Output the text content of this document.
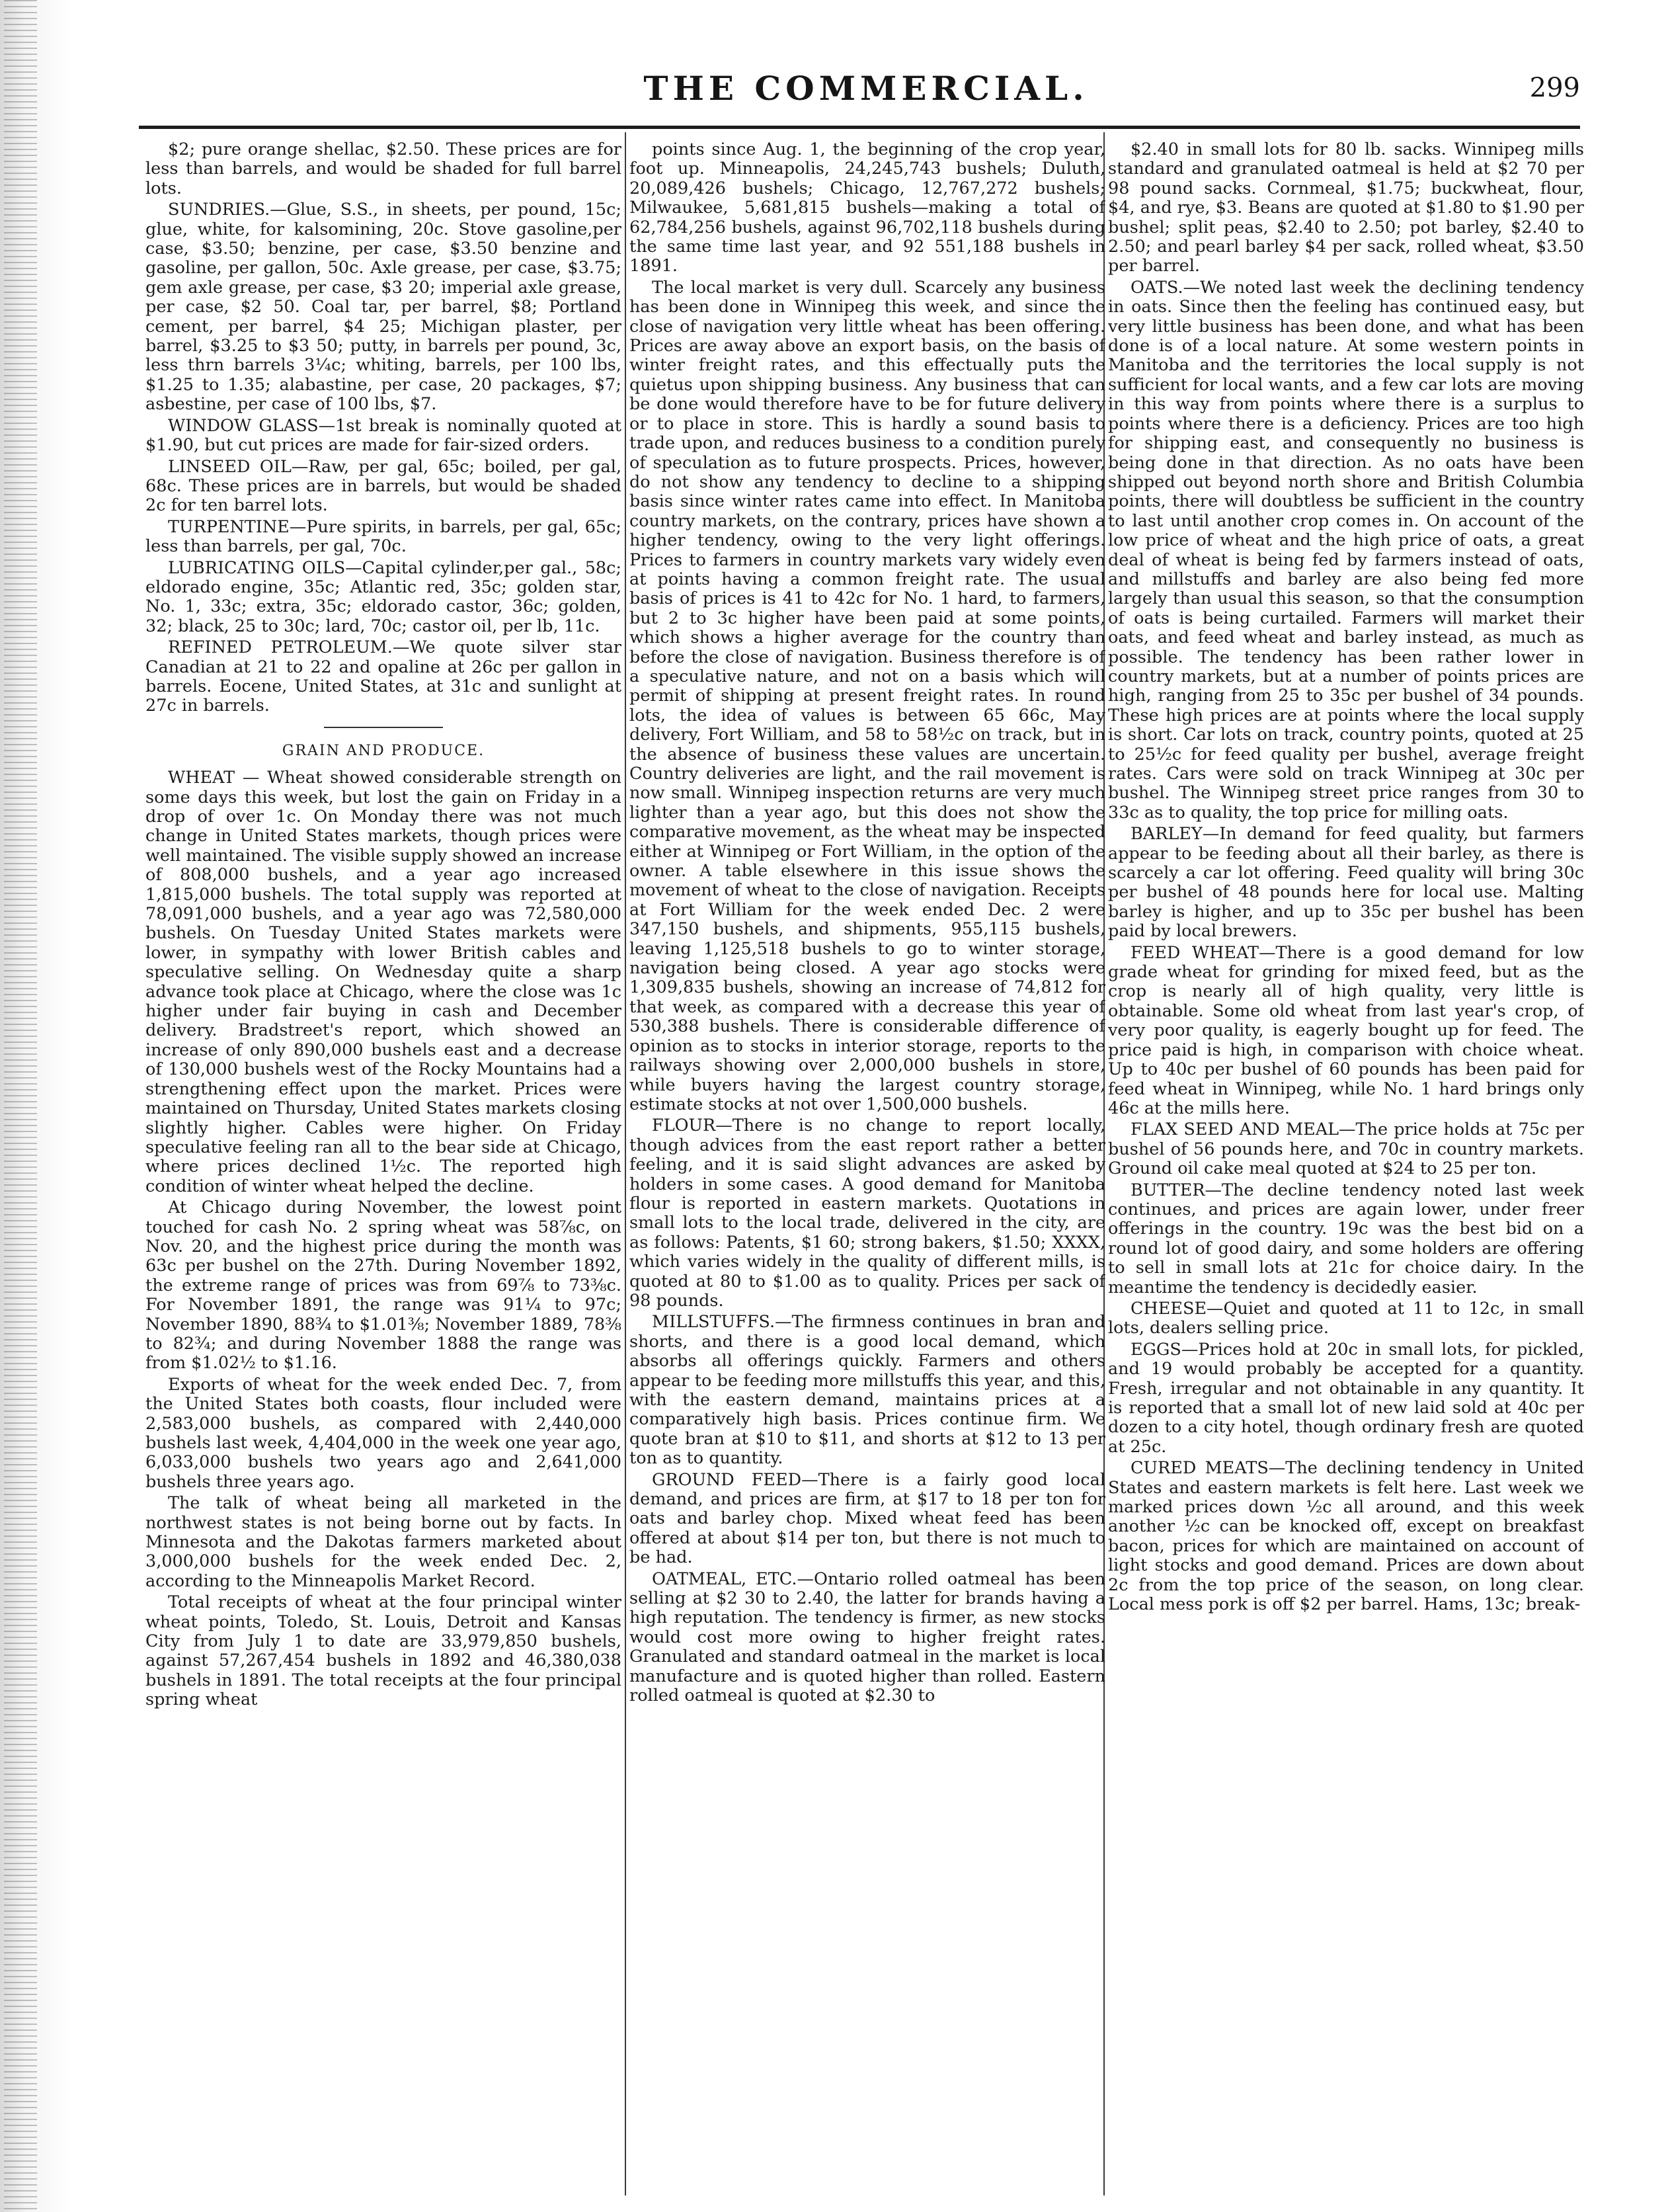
THE COMMERCIAL.	299

$2; pure orange shellac, $2.50. These prices are for less than barrels, and would be shaded for full barrel lots.

SUNDRIES.—Glue, S.S., in sheets, per pound, 15c; glue, white, for kalsomining, 20c. Stove gasoline,per case, $3.50; benzine, per case, $3.50 benzine and gasoline, per gallon, 50c. Axle grease, per case, $3.75; gem axle grease, per case, $3 20; imperial axle grease, per case, $2 50. Coal tar, per barrel, $8; Portland cement, per barrel, $4 25; Michigan plaster, per barrel, $3.25 to $3 50; putty, in barrels per pound, 3c, less thrn barrels 3¼c; whiting, barrels, per 100 lbs, $1.25 to 1.35; alabastine, per case, 20 packages, $7; asbestine, per case of 100 lbs, $7.

WINDOW GLASS—1st break is nominally quoted at $1.90, but cut prices are made for fair-sized orders.

LINSEED OIL—Raw, per gal, 65c; boiled, per gal, 68c. These prices are in barrels, but would be shaded 2c for ten barrel lots.

TURPENTINE—Pure spirits, in barrels, per gal, 65c; less than barrels, per gal, 70c.

LUBRICATING OILS—Capital cylinder,per gal., 58c; eldorado engine, 35c; Atlantic red, 35c; golden star, No. 1, 33c; extra, 35c; eldorado castor, 36c; golden, 32; black, 25 to 30c; lard, 70c; castor oil, per lb, 11c.

REFINED PETROLEUM.—We quote silver star Canadian at 21 to 22 and opaline at 26c per gallon in barrels. Eocene, United States, at 31c and sunlight at 27c in barrels.

GRAIN AND PRODUCE.

WHEAT — Wheat showed considerable strength on some days this week, but lost the gain on Friday in a drop of over 1c. On Monday there was not much change in United States markets, though prices were well maintained. The visible supply showed an increase of 808,000 bushels, and a year ago increased 1,815,000 bushels. The total supply was reported at 78,091,000 bushels, and a year ago was 72,580,000 bushels. On Tuesday United States markets were lower, in sympathy with lower British cables and speculative selling. On Wednesday quite a sharp advance took place at Chicago, where the close was 1c higher under fair buying in cash and December delivery. Bradstreet's report, which showed an increase of only 890,000 bushels east and a decrease of 130,000 bushels west of the Rocky Mountains had a strengthening effect upon the market. Prices were maintained on Thursday, United States markets closing slightly higher. Cables were higher. On Friday speculative feeling ran all to the bear side at Chicago, where prices declined 1½c. The reported high condition of winter wheat helped the decline.

At Chicago during November, the lowest point touched for cash No. 2 spring wheat was 58⅞c, on Nov. 20, and the highest price during the month was 63c per bushel on the 27th. During November 1892, the extreme range of prices was from 69⅞ to 73⅜c. For November 1891, the range was 91¼ to 97c; November 1890, 88¾ to $1.01⅜; November 1889, 78⅜ to 82¾; and during November 1888 the range was from $1.02½ to $1.16.

Exports of wheat for the week ended Dec. 7, from the United States both coasts, flour included were 2,583,000 bushels, as compared with 2,440,000 bushels last week, 4,404,000 in the week one year ago, 6,033,000 bushels two years ago and 2,641,000 bushels three years ago.

The talk of wheat being all marketed in the northwest states is not being borne out by facts. In Minnesota and the Dakotas farmers marketed about 3,000,000 bushels for the week ended Dec. 2, according to the Minneapolis Market Record.

Total receipts of wheat at the four principal winter wheat points, Toledo, St. Louis, Detroit and Kansas City from July 1 to date are 33,979,850 bushels, against 57,267,454 bushels in 1892 and 46,380,038 bushels in 1891. The total receipts at the four principal spring wheat

points since Aug. 1, the beginning of the crop year, foot up. Minneapolis, 24,245,743 bushels; Duluth, 20,089,426 bushels; Chicago, 12,767,272 bushels; Milwaukee, 5,681,815 bushels—making a total of 62,784,256 bushels, against 96,702,118 bushels during the same time last year, and 92 551,188 bushels in 1891.

The local market is very dull. Scarcely any business has been done in Winnipeg this week, and since the close of navigation very little wheat has been offering. Prices are away above an export basis, on the basis of winter freight rates, and this effectually puts the quietus upon shipping business. Any business that can be done would therefore have to be for future delivery or to place in store. This is hardly a sound basis to trade upon, and reduces business to a condition purely of speculation as to future prospects. Prices, however, do not show any tendency to decline to a shipping basis since winter rates came into effect. In Manitoba country markets, on the contrary, prices have shown a higher tendency, owing to the very light offerings. Prices to farmers in country markets vary widely even at points having a common freight rate. The usual basis of prices is 41 to 42c for No. 1 hard, to farmers, but 2 to 3c higher have been paid at some points, which shows a higher average for the country than before the close of navigation. Business therefore is of a speculative nature, and not on a basis which will permit of shipping at present freight rates. In round lots, the idea of values is between 65 66c, May delivery, Fort William, and 58 to 58½c on track, but in the absence of business these values are uncertain. Country deliveries are light, and the rail movement is now small. Winnipeg inspection returns are very much lighter than a year ago, but this does not show the comparative movement, as the wheat may be inspected either at Winnipeg or Fort William, in the option of the owner. A table elsewhere in this issue shows the movement of wheat to the close of navigation. Receipts at Fort William for the week ended Dec. 2 were 347,150 bushels, and shipments, 955,115 bushels, leaving 1,125,518 bushels to go to winter storage, navigation being closed. A year ago stocks were 1,309,835 bushels, showing an increase of 74,812 for that week, as compared with a decrease this year of 530,388 bushels. There is considerable difference of opinion as to stocks in interior storage, reports to the railways showing over 2,000,000 bushels in store, while buyers having the largest country storage, estimate stocks at not over 1,500,000 bushels.

FLOUR—There is no change to report locally, though advices from the east report rather a better feeling, and it is said slight advances are asked by holders in some cases. A good demand for Manitoba flour is reported in eastern markets. Quotations in small lots to the local trade, delivered in the city, are as follows: Patents, $1 60; strong bakers, $1.50; XXXX, which varies widely in the quality of different mills, is quoted at 80 to $1.00 as to quality. Prices per sack of 98 pounds.

MILLSTUFFS.—The firmness continues in bran and shorts, and there is a good local demand, which absorbs all offerings quickly. Farmers and others appear to be feeding more millstuffs this year, and this, with the eastern demand, maintains prices at a comparatively high basis. Prices continue firm. We quote bran at $10 to $11, and shorts at $12 to 13 per ton as to quantity.

GROUND FEED—There is a fairly good local demand, and prices are firm, at $17 to 18 per ton for oats and barley chop. Mixed wheat feed has been offered at about $14 per ton, but there is not much to be had.

OATMEAL, ETC.—Ontario rolled oatmeal has been selling at $2 30 to 2.40, the latter for brands having a high reputation. The tendency is firmer, as new stocks would cost more owing to higher freight rates. Granulated and standard oatmeal in the market is local manufacture and is quoted higher than rolled. Eastern rolled oatmeal is quoted at $2.30 to

$2.40 in small lots for 80 lb. sacks. Winnipeg mills standard and granulated oatmeal is held at $2 70 per 98 pound sacks. Cornmeal, $1.75; buckwheat, flour, $4, and rye, $3. Beans are quoted at $1.80 to $1.90 per bushel; split peas, $2.40 to 2.50; pot barley, $2.40 to 2.50; and pearl barley $4 per sack, rolled wheat, $3.50 per barrel.

OATS.—We noted last week the declining tendency in oats. Since then the feeling has continued easy, but very little business has been done, and what has been done is of a local nature. At some western points in Manitoba and the territories the local supply is not sufficient for local wants, and a few car lots are moving in this way from points where there is a surplus to points where there is a deficiency. Prices are too high for shipping east, and consequently no business is being done in that direction. As no oats have been shipped out beyond north shore and British Columbia points, there will doubtless be sufficient in the country to last until another crop comes in. On account of the low price of wheat and the high price of oats, a great deal of wheat is being fed by farmers instead of oats, and millstuffs and barley are also being fed more largely than usual this season, so that the consumption of oats is being curtailed. Farmers will market their oats, and feed wheat and barley instead, as much as possible. The tendency has been rather lower in country markets, but at a number of points prices are high, ranging from 25 to 35c per bushel of 34 pounds. These high prices are at points where the local supply is short. Car lots on track, country points, quoted at 25 to 25½c for feed quality per bushel, average freight rates. Cars were sold on track Winnipeg at 30c per bushel. The Winnipeg street price ranges from 30 to 33c as to quality, the top price for milling oats.

BARLEY—In demand for feed quality, but farmers appear to be feeding about all their barley, as there is scarcely a car lot offering. Feed quality will bring 30c per bushel of 48 pounds here for local use. Malting barley is higher, and up to 35c per bushel has been paid by local brewers.

FEED WHEAT—There is a good demand for low grade wheat for grinding for mixed feed, but as the crop is nearly all of high quality, very little is obtainable. Some old wheat from last year's crop, of very poor quality, is eagerly bought up for feed. The price paid is high, in comparison with choice wheat. Up to 40c per bushel of 60 pounds has been paid for feed wheat in Winnipeg, while No. 1 hard brings only 46c at the mills here.

FLAX SEED AND MEAL—The price holds at 75c per bushel of 56 pounds here, and 70c in country markets. Ground oil cake meal quoted at $24 to 25 per ton.

BUTTER—The decline tendency noted last week continues, and prices are again lower, under freer offerings in the country. 19c was the best bid on a round lot of good dairy, and some holders are offering to sell in small lots at 21c for choice dairy. In the meantime the tendency is decidedly easier.

CHEESE—Quiet and quoted at 11 to 12c, in small lots, dealers selling price.

EGGS—Prices hold at 20c in small lots, for pickled, and 19 would probably be accepted for a quantity. Fresh, irregular and not obtainable in any quantity. It is reported that a small lot of new laid sold at 40c per dozen to a city hotel, though ordinary fresh are quoted at 25c.

CURED MEATS—The declining tendency in United States and eastern markets is felt here. Last week we marked prices down ½c all around, and this week another ½c can be knocked off, except on breakfast bacon, prices for which are maintained on account of light stocks and good demand. Prices are down about 2c from the top price of the season, on long clear. Local mess pork is off $2 per barrel. Hams, 13c; break-
